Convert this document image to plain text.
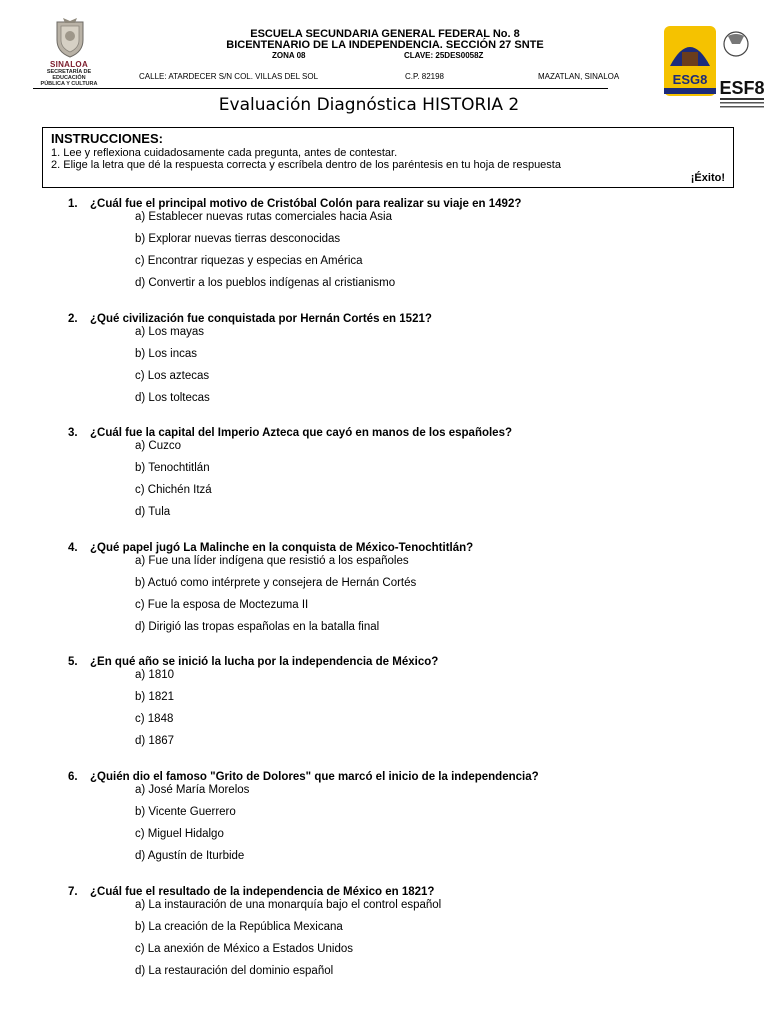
SINALOA
SECRETARÍA DE
EDUCACIÓN
PÚBLICA Y CULTURA
ESCUELA SECUNDARIA GENERAL FEDERAL No. 8
BICENTENARIO DE LA INDEPENDENCIA. SECCIÓN 27 SNTE
ZONA 08	CLAVE: 25DES0058Z
CALLE: ATARDECER S/N COL. VILLAS DEL SOL	C.P. 82198	MAZATLAN, SINALOA	ESG8 ESF8
Evaluación Diagnóstica HISTORIA 2
INSTRUCCIONES:
1. Lee y reflexiona cuidadosamente cada pregunta, antes de contestar.
2. Elige la letra que dé la respuesta correcta y escríbela dentro de los paréntesis en tu hoja de respuesta
¡Éxito!
1. ¿Cuál fue el principal motivo de Cristóbal Colón para realizar su viaje en 1492?
a) Establecer nuevas rutas comerciales hacia Asia
b) Explorar nuevas tierras desconocidas
c) Encontrar riquezas y especias en América
d) Convertir a los pueblos indígenas al cristianismo
2. ¿Qué civilización fue conquistada por Hernán Cortés en 1521?
a) Los mayas
b) Los incas
c) Los aztecas
d) Los toltecas
3. ¿Cuál fue la capital del Imperio Azteca que cayó en manos de los españoles?
a) Cuzco
b) Tenochtitlán
c) Chichén Itzá
d) Tula
4. ¿Qué papel jugó La Malinche en la conquista de México-Tenochtitlán?
a) Fue una líder indígena que resistió a los españoles
b) Actuó como intérprete y consejera de Hernán Cortés
c) Fue la esposa de Moctezuma II
d) Dirigió las tropas españolas en la batalla final
5. ¿En qué año se inició la lucha por la independencia de México?
a) 1810
b) 1821
c) 1848
d) 1867
6. ¿Quién dio el famoso "Grito de Dolores" que marcó el inicio de la independencia?
a) José María Morelos
b) Vicente Guerrero
c) Miguel Hidalgo
d) Agustín de Iturbide
7. ¿Cuál fue el resultado de la independencia de México en 1821?
a) La instauración de una monarquía bajo el control español
b) La creación de la República Mexicana
c) La anexión de México a Estados Unidos
d) La restauración del dominio español
